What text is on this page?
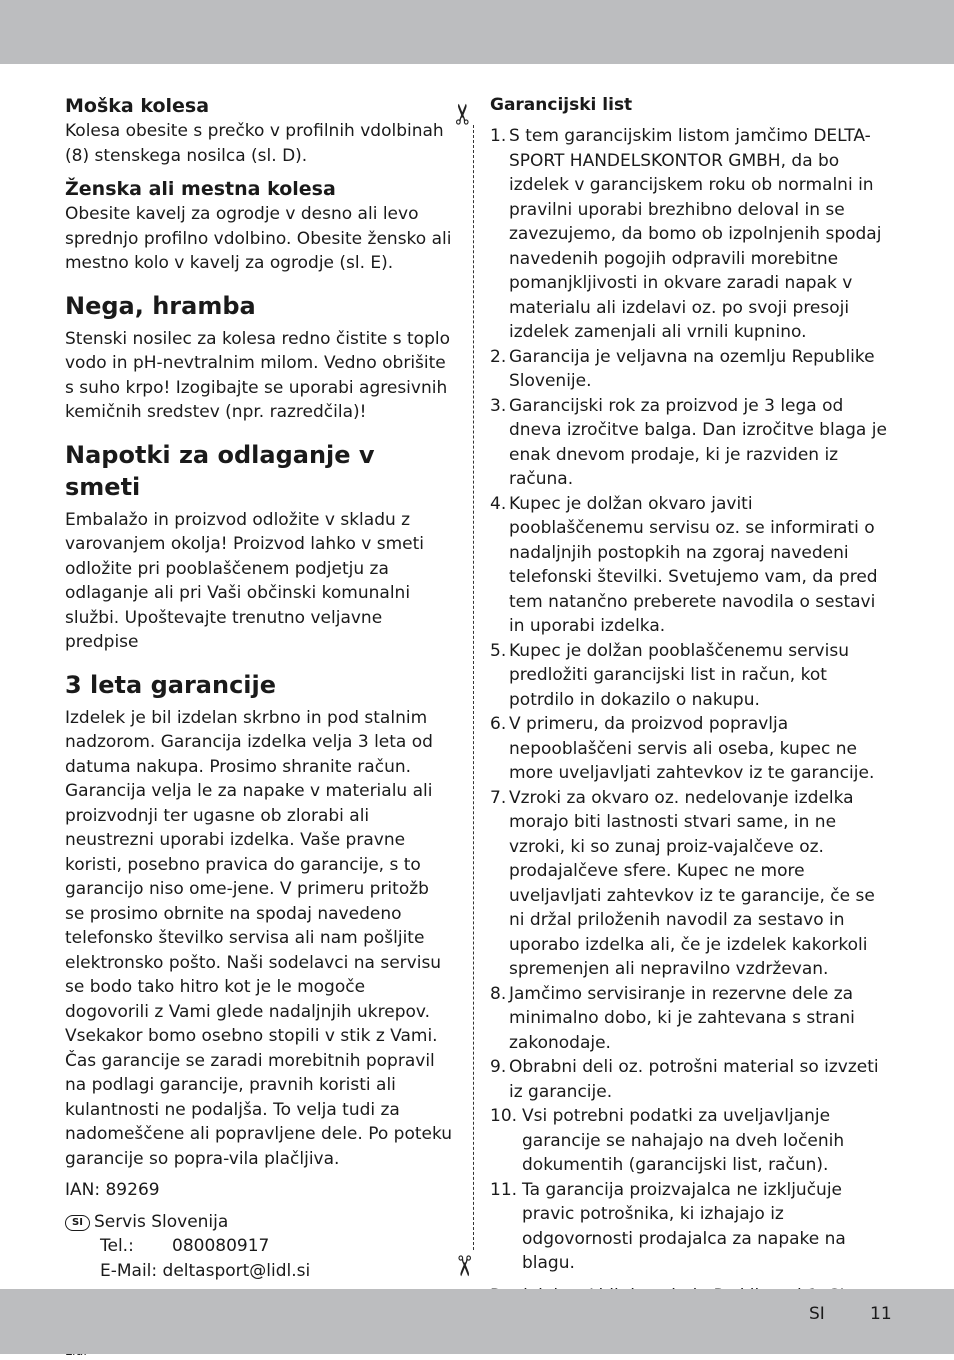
Moška kolesa

Kolesa obesite s prečko v profilnih vdolbinah (8) stenskega nosilca (sl. D).

Ženska ali mestna kolesa

Obesite kavelj za ogrodje v desno ali levo sprednjo profilno vdolbino. Obesite žensko ali mestno kolo v kavelj za ogrodje (sl. E).

Nega, hramba

Stenski nosilec za kolesa redno čistite s toplo vodo in pH-nevtralnim milom. Vedno obrišite s suho krpo! Izogibajte se uporabi agresivnih kemičnih sredstev (npr. razredčila)!

Napotki za odlaganje v smeti

Embalažo in proizvod odložite v skladu z varovanjem okolja! Proizvod lahko v smeti odložite pri pooblaščenem podjetju za odlaganje ali pri Vaši občinski komunalni službi. Upoštevajte trenutno veljavne predpise

3 leta garancije

Izdelek je bil izdelan skrbno in pod stalnim nadzorom. Garancija izdelka velja 3 leta od datuma nakupa. Prosimo shranite račun. Garancija velja le za napake v materialu ali proizvodnji ter ugasne ob zlorabi ali neustrezni uporabi izdelka. Vaše pravne koristi, posebno pravica do garancije, s to garancijo niso ome-jene. V primeru pritožb se prosimo obrnite na spodaj navedeno telefonsko številko servisa ali nam pošljite elektronsko pošto. Naši sodelavci na servisu se bodo tako hitro kot je le mogoče dogovorili z Vami glede nadaljnjih ukrepov. Vsekakor bomo osebno stopili v stik z Vami. Čas garancije se zaradi morebitnih popravil na podlagi garancije, pravnih koristi ali kulantnosti ne podaljša. To velja tudi za nadomeščene ali popravljene dele. Po poteku garancije so popra-vila plačljiva.

IAN: 89269

SI Servis Slovenija
Tel.:	080080917
E-Mail: deltasport@lidl.si
✂
✂
Garancijski list
1. S tem garancijskim listom jamčimo DELTA-SPORT HANDELSKONTOR GMBH, da bo izdelek v garancijskem roku ob normalni in pravilni uporabi brezhibno deloval in se zavezujemo, da bomo ob izpolnjenih spodaj navedenih pogojih odpravili morebitne pomanjkljivosti in okvare zaradi napak v materialu ali izdelavi oz. po svoji presoji izdelek zamenjali ali vrnili kupnino.
2. Garancija je veljavna na ozemlju Republike Slovenije.
3. Garancijski rok za proizvod je 3 lega od dneva izročitve balga. Dan izročitve blaga je enak dnevom prodaje, ki je razviden iz računa.
4. Kupec je dolžan okvaro javiti pooblaščenemu servisu oz. se informirati o nadaljnjih postopkih na zgoraj navedeni telefonski številki. Svetujemo vam, da pred tem natančno preberete navodila o sestavi in uporabi izdelka.
5. Kupec je dolžan pooblaščenemu servisu predložiti garancijski list in račun, kot potrdilo in dokazilo o nakupu.
6. V primeru, da proizvod popravlja nepooblaščeni servis ali oseba, kupec ne more uveljavljati zahtevkov iz te garancije.
7. Vzroki za okvaro oz. nedelovanje izdelka morajo biti lastnosti stvari same, in ne vzroki, ki so zunaj proiz-vajalčeve oz. prodajalčeve sfere. Kupec ne more uveljavljati zahtevkov iz te garancije, če se ni držal priloženih navodil za sestavo in uporabo izdelka ali, če je izdelek kakorkoli spremenjen ali nepravilno vzdrževan.
8. Jamčimo servisiranje in rezervne dele za minimalno dobo, ki je zahtevana s strani zakonodaje.
9. Obrabni deli oz. potrošni material so izvzeti iz garancije.
10. Vsi potrebni podatki za uveljavljanje garancije se nahajajo na dveh ločenih dokumentih (garancijski list, račun).
11. Ta garancija proizvajalca ne izključuje pravic potrošnika, ki izhajajo iz odgovornosti prodajalca za napake na blagu.

SI	11
